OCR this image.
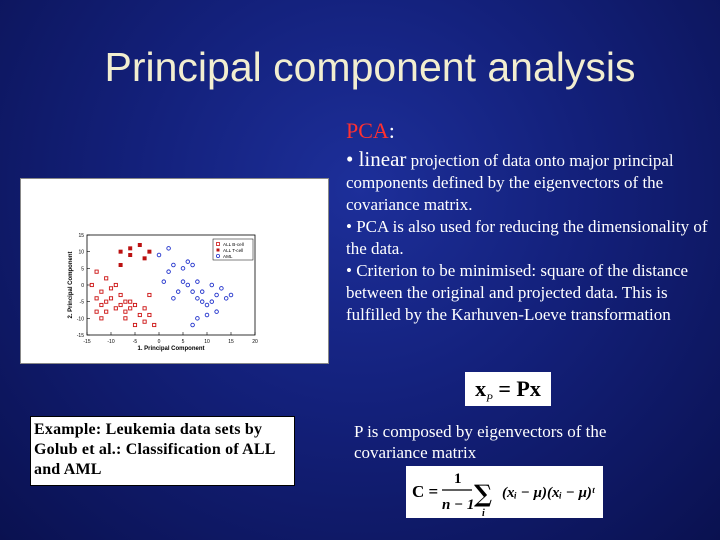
Principal component analysis
PCA:
• linear projection of data onto major principal components defined by the eigenvectors of the covariance matrix.
• PCA is also used for reducing the dimensionality of the data.
• Criterion to be minimised: square of the distance between the original and projected data. This is fulfilled by the Karhuven-Loeve transformation
-15	-10	-5	0	5	10	15	20
15
10
5
0
-5
-10
-15
1. Principal Component
2. Principal Component
ALL B-cell
ALL T-cell
AML
$x_P = Px$
Example: Leukemia data sets by Golub et al.: Classification of ALL and AML
P is composed by eigenvectors of the covariance matrix
C =
1
n − 1 ∑
i
(xᵢ − μ)(xᵢ − μ)ᵗ
